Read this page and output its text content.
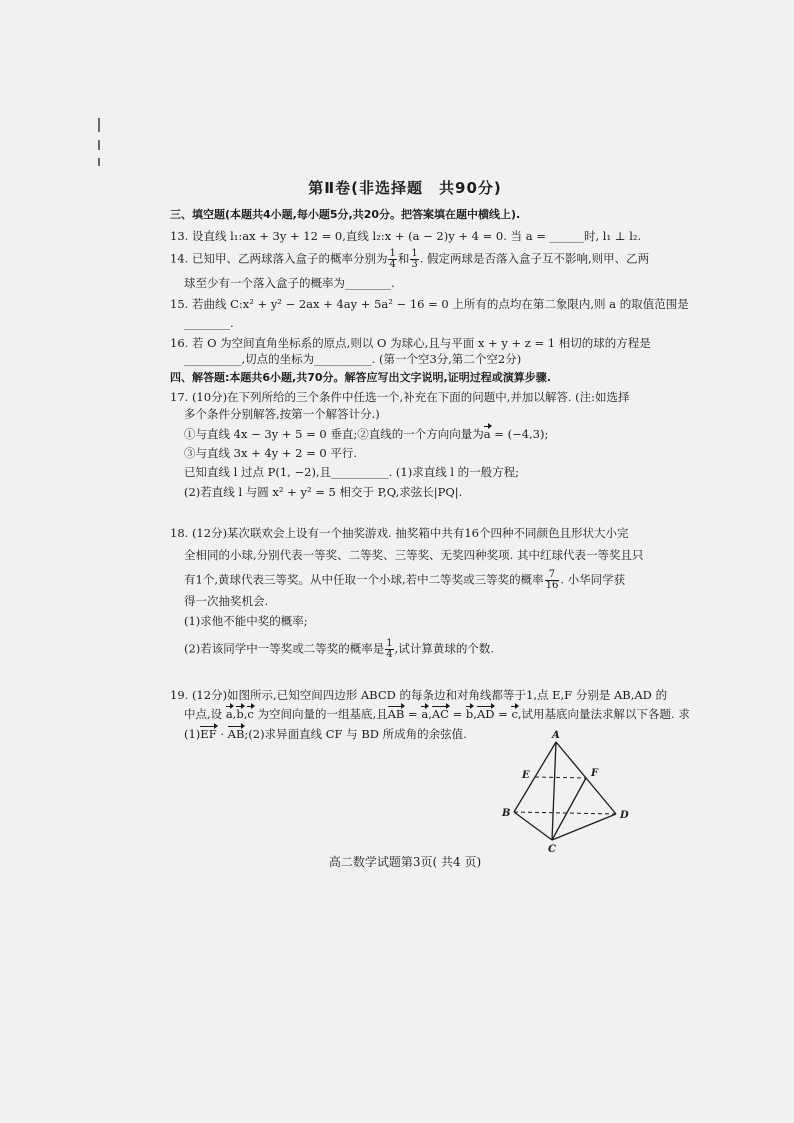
第Ⅱ卷(非选择题　共90分)
三、填空题(本题共4小题,每小题5分,共20分。把答案填在题中横线上).
13. 设直线 l₁:ax + 3y + 12 = 0,直线 l₂:x + (a − 2)y + 4 = 0. 当 a = ______时, l₁ ⊥ l₂.
14. 已知甲、乙两球落入盒子的概率分别为 $\frac{1}{4}$ 和 $\frac{1}{3}$ . 假定两球是否落入盒子互不影响,则甲、乙两
球至少有一个落入盒子的概率为________.
15. 若曲线 C:x² + y² − 2ax + 4ay + 5a² − 16 = 0 上所有的点均在第二象限内,则 a 的取值范围是
________.
16. 若 O 为空间直角坐标系的原点,则以 O 为球心,且与平面 x + y + z = 1 相切的球的方程是
__________,切点的坐标为__________. (第一个空3分,第二个空2分)
四、解答题:本题共6小题,共70分。解答应写出文字说明,证明过程或演算步骤.
17. (10分)在下列所给的三个条件中任选一个,补充在下面的问题中,并加以解答. (注:如选择
多个条件分别解答,按第一个解答计分.)
①与直线 4x − 3y + 5 = 0 垂直;②直线的一个方向向量为a = (−4,3);
③与直线 3x + 4y + 2 = 0 平行.
已知直线 l 过点 P(1, −2),且__________. (1)求直线 l 的一般方程;
(2)若直线 l 与圆 x² + y² = 5 相交于 P,Q,求弦长|PQ|.
18. (12分)某次联欢会上设有一个抽奖游戏. 抽奖箱中共有16个四种不同颜色且形状大小完
全相同的小球,分别代表一等奖、二等奖、三等奖、无奖四种奖项. 其中红球代表一等奖且只
有1个,黄球代表三等奖。从中任取一个小球,若中二等奖或三等奖的概率 $\frac{7}{16}$ . 小华同学获
得一次抽奖机会.
(1)求他不能中奖的概率;
(2)若该同学中一等奖或二等奖的概率是 $\frac{1}{4}$ ,试计算黄球的个数.
19. (12分)如图所示,已知空间四边形 ABCD 的每条边和对角线都等于1,点 E,F 分别是 AB,AD 的
中点,设 a,b,c 为空间向量的一组基底,且AB = a,AC = b,AD = c,试用基底向量法求解以下各题. 求
(1)EF · AB;(2)求异面直线 CF 与 BD 所成角的余弦值.
高二数学试题第3页( 共4 页)
A
B
C
D
E	F
